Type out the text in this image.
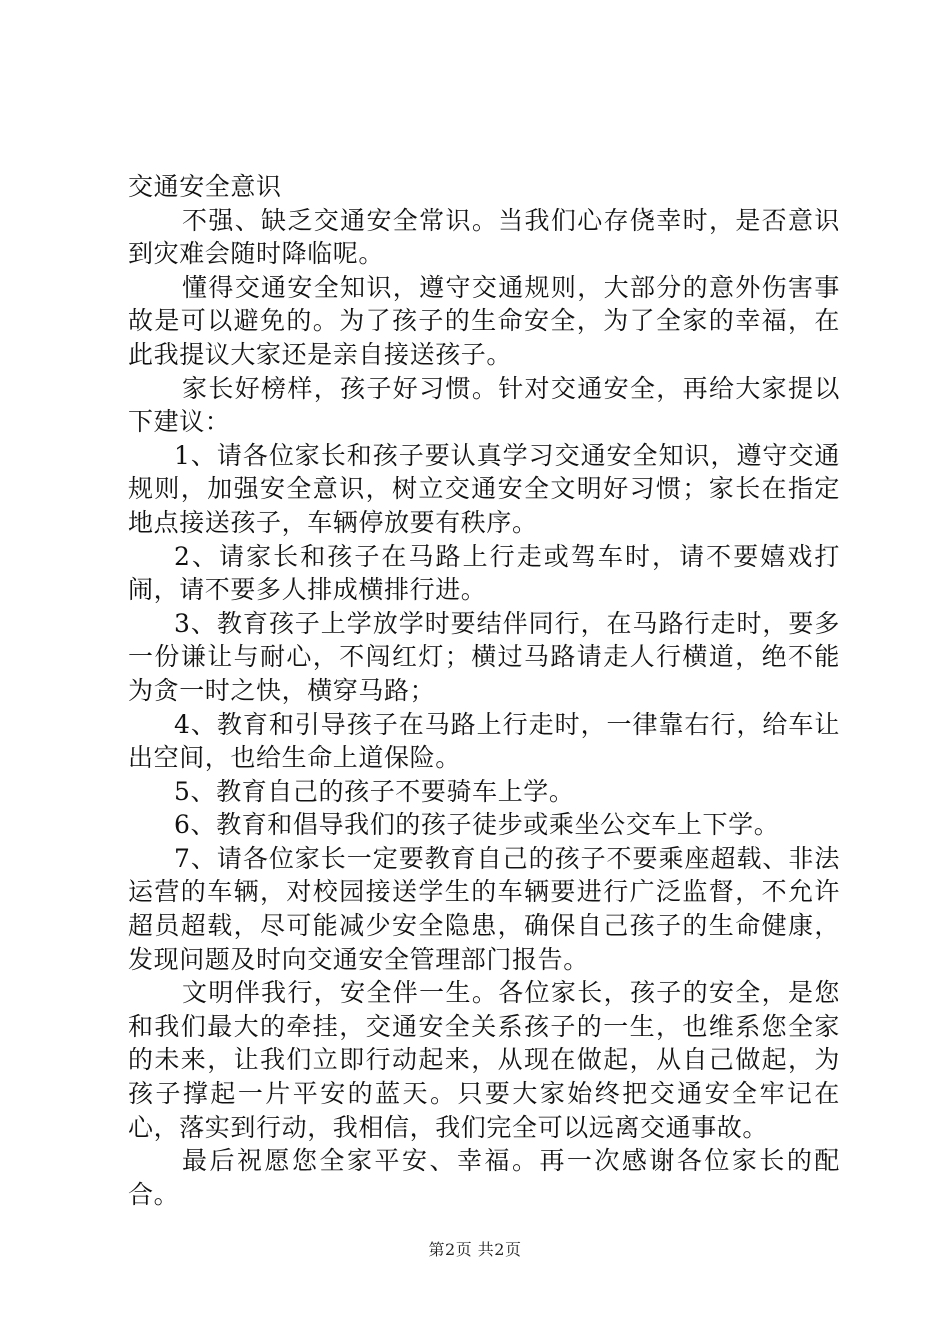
交通安全意识

不强、缺乏交通安全常识。当我们心存侥幸时，是否意识到灾难会随时降临呢。

懂得交通安全知识，遵守交通规则，大部分的意外伤害事故是可以避免的。为了孩子的生命安全，为了全家的幸福，在此我提议大家还是亲自接送孩子。

家长好榜样，孩子好习惯。针对交通安全，再给大家提以下建议：

1、请各位家长和孩子要认真学习交通安全知识，遵守交通规则，加强安全意识，树立交通安全文明好习惯；家长在指定地点接送孩子，车辆停放要有秩序。

2、请家长和孩子在马路上行走或驾车时，请不要嬉戏打闹，请不要多人排成横排行进。

3、教育孩子上学放学时要结伴同行，在马路行走时，要多一份谦让与耐心，不闯红灯；横过马路请走人行横道，绝不能为贪一时之快，横穿马路；

4、教育和引导孩子在马路上行走时，一律靠右行，给车让出空间，也给生命上道保险。

5、教育自己的孩子不要骑车上学。

6、教育和倡导我们的孩子徒步或乘坐公交车上下学。

7、请各位家长一定要教育自己的孩子不要乘座超载、非法运营的车辆，对校园接送学生的车辆要进行广泛监督，不允许超员超载，尽可能减少安全隐患，确保自己孩子的生命健康，发现问题及时向交通安全管理部门报告。

文明伴我行，安全伴一生。各位家长，孩子的安全，是您和我们最大的牵挂，交通安全关系孩子的一生，也维系您全家的未来，让我们立即行动起来，从现在做起，从自己做起，为孩子撑起一片平安的蓝天。只要大家始终把交通安全牢记在心，落实到行动，我相信，我们完全可以远离交通事故。

最后祝愿您全家平安、幸福。再一次感谢各位家长的配合。

第2页 共2页
